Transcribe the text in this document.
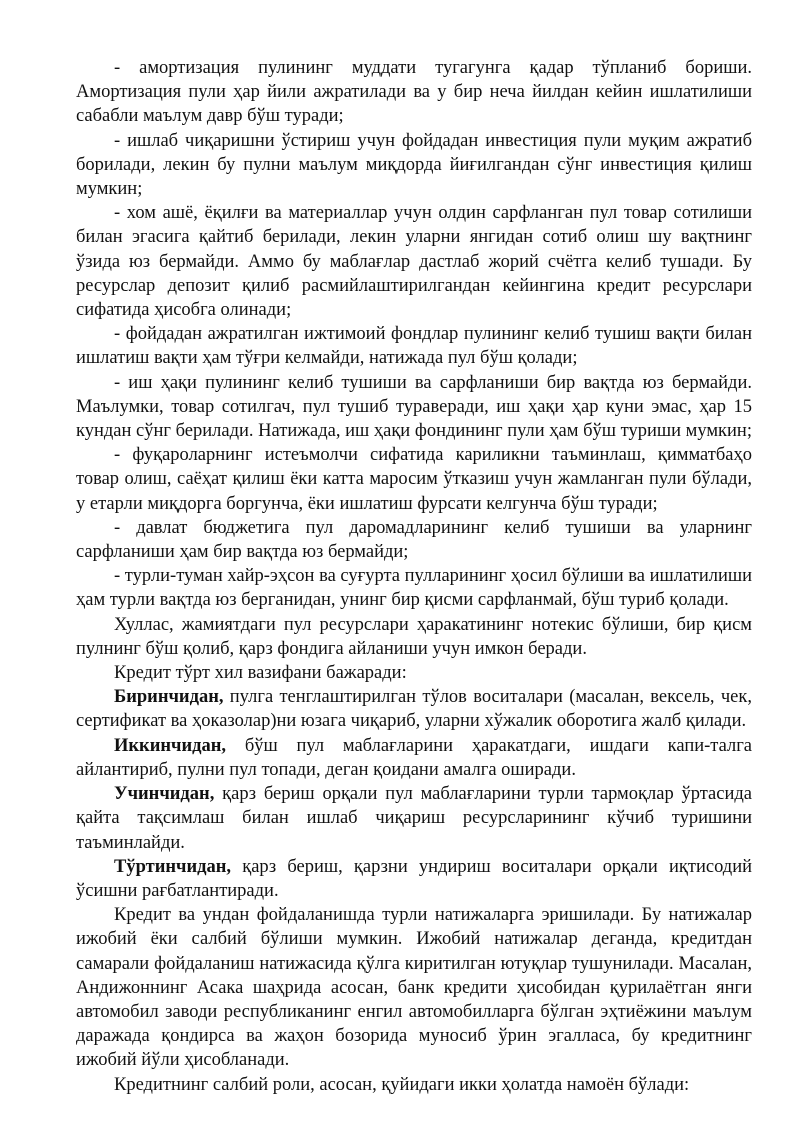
- амортизация пулининг муддати тугагунга қадар тўпланиб бориши. Амортизация пули ҳар йили ажратилади ва у бир неча йилдан кейин ишлатилиши сабабли маълум давр бўш туради;

- ишлаб чиқаришни ўстириш учун фойдадан инвестиция пули муқим ажратиб борилади, лекин бу пулни маълум миқдорда йиғилгандан сўнг инвестиция қилиш мумкин;

- хом ашё, ёқилғи ва материаллар учун олдин сарфланган пул товар сотилиши билан эгасига қайтиб берилади, лекин уларни янгидан сотиб олиш шу вақтнинг ўзида юз бермайди. Аммо бу маблағлар дастлаб жорий счётга келиб тушади. Бу ресурслар депозит қилиб расмийлаштирилгандан кейингина кредит ресурслари сифатида ҳисобга олинади;

- фойдадан ажратилган ижтимоий фондлар пулининг келиб тушиш вақти билан ишлатиш вақти ҳам тўғри келмайди, натижада пул бўш қолади;

- иш ҳақи пулининг келиб тушиши ва сарфланиши бир вақтда юз бермайди. Маълумки, товар сотилгач, пул тушиб тураверади, иш ҳақи ҳар куни эмас, ҳар 15 кундан сўнг берилади. Натижада, иш ҳақи фондининг пули ҳам бўш туриши мумкин;

- фуқароларнинг истеъмолчи сифатида кариликни таъминлаш, қимматбаҳо товар олиш, саёҳат қилиш ёки катта маросим ўтказиш учун жамланган пули бўлади, у етарли миқдорга боргунча, ёки ишлатиш фурсати келгунча бўш туради;

- давлат бюджетига пул даромадларининг келиб тушиши ва уларнинг сарфланиши ҳам бир вақтда юз бермайди;

- турли-туман хайр-эҳсон ва суғурта пулларининг ҳосил бўлиши ва ишлатилиши ҳам турли вақтда юз берганидан, унинг бир қисми сарфланмай, бўш туриб қолади.

Хуллас, жамиятдаги пул ресурслари ҳаракатининг нотекис бўлиши, бир қисм пулнинг бўш қолиб, қарз фондига айланиши учун имкон беради.

Кредит тўрт хил вазифани бажаради:

Биринчидан, пулга тенглаштирилган тўлов воситалари (масалан, вексель, чек, сертификат ва ҳоказолар)ни юзага чиқариб, уларни хўжалик оборотига жалб қилади.

Иккинчидан, бўш пул маблағларини ҳаракатдаги, ишдаги капи-талга айлантириб, пулни пул топади, деган қоидани амалга оширади.

Учинчидан, қарз бериш орқали пул маблағларини турли тармоқлар ўртасида қайта тақсимлаш билан ишлаб чиқариш ресурсларининг кўчиб туришини таъминлайди.

Тўртинчидан, қарз бериш, қарзни ундириш воситалари орқали иқтисодий ўсишни рағбатлантиради.

Кредит ва ундан фойдаланишда турли натижаларга эришилади. Бу натижалар ижобий ёки салбий бўлиши мумкин. Ижобий натижалар деганда, кредитдан самарали фойдаланиш натижасида қўлга киритилган ютуқлар тушунилади. Масалан, Андижоннинг Асака шаҳрида асосан, банк кредити ҳисобидан қурилаётган янги автомобил заводи республиканинг енгил автомобилларга бўлган эҳтиёжини маълум даражада қондирса ва жаҳон бозорида муносиб ўрин эгалласа, бу кредитнинг ижобий йўли ҳисобланади.

Кредитнинг салбий роли, асосан, қуйидаги икки ҳолатда намоён бўлади:
